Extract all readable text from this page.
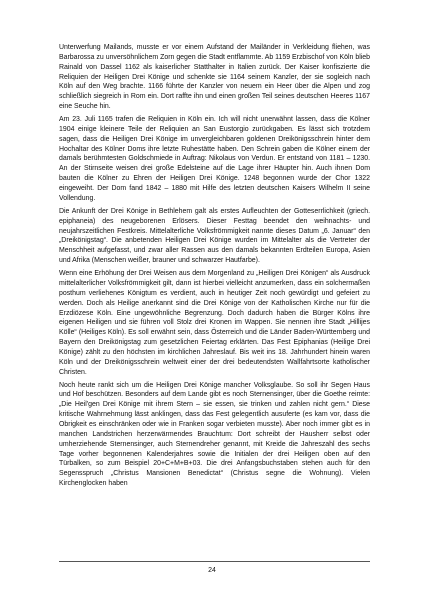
Unterwerfung Mailands, musste er vor einem Aufstand der Mailänder in Verkleidung fliehen, was Barbarossa zu unversöhnlichem Zorn gegen die Stadt entflammte. Ab 1159 Erzbischof von Köln blieb Rainald von Dassel 1162 als kaiserlicher Statthalter in Italien zurück. Der Kaiser konfiszierte die Reliquien der Heiligen Drei Könige und schenkte sie 1164 seinem Kanzler, der sie sogleich nach Köln auf den Weg brachte. 1166 führte der Kanzler von neuem ein Heer über die Alpen und zog schließlich siegreich in Rom ein. Dort raffte ihn und einen großen Teil seines deutschen Heeres 1167 eine Seuche hin.

Am 23. Juli 1165 trafen die Reliquien in Köln ein. Ich will nicht unerwähnt lassen, dass die Kölner 1904 einige kleinere Teile der Reliquien an San Eustorgio zurückgaben. Es lässt sich trotzdem sagen, dass die Heiligen Drei Könige im unvergleichbaren goldenen Dreikönigsschrein hinter dem Hochaltar des Kölner Doms ihre letzte Ruhestätte haben. Den Schrein gaben die Kölner einem der damals berühmtesten Goldschmiede in Auftrag: Nikolaus von Verdun. Er entstand von 1181 – 1230. An der Stirnseite weisen drei große Edelsteine auf die Lage ihrer Häupter hin. Auch ihnen Dom bauten die Kölner zu Ehren der Heiligen Drei Könige. 1248 begonnen wurde der Chor 1322 eingeweiht. Der Dom fand 1842 – 1880 mit Hilfe des letzten deutschen Kaisers Wilhelm II seine Vollendung.

Die Ankunft der Drei Könige in Bethlehem galt als erstes Aufleuchten der Gotteserrlichkeit (griech. epiphaneia) des neugeborenen Erlösers. Dieser Festtag beendet den weihnachts- und neujahrszeitlichen Festkreis. Mittelalterliche Volksfrömmigkeit nannte dieses Datum „6. Januar“ den „Dreikönigstag“. Die anbetenden Heiligen Drei Könige wurden im Mittelalter als die Vertreter der Menschheit aufgefasst, und zwar aller Rassen aus den damals bekannten Erdteilen Europa, Asien und Afrika (Menschen weißer, brauner und schwarzer Hautfarbe).

Wenn eine Erhöhung der Drei Weisen aus dem Morgenland zu „Heiligen Drei Königen“ als Ausdruck mittelalterlicher Volksfrömmigkeit gilt, dann ist hierbei vielleicht anzumerken, dass ein solchermaßen posthum verliehenes Königtum es verdient, auch in heutiger Zeit noch gewürdigt und gefeiert zu werden. Doch als Heilige anerkannt sind die Drei Könige von der Katholischen Kirche nur für die Erzdiözese Köln. Eine ungewöhnliche Begrenzung. Doch dadurch haben die Bürger Kölns ihre eigenen Heiligen und sie führen voll Stolz drei Kronen im Wappen. Sie nennen ihre Stadt „Hillijes Kölle“ (Heiliges Köln). Es soll erwähnt sein, dass Österreich und die Länder Baden-Württemberg und Bayern den Dreikönigstag zum gesetzlichen Feiertag erklärten. Das Fest Epiphanias (Heilige Drei Könige) zählt zu den höchsten im kirchlichen Jahreslauf. Bis weit ins 18. Jahrhundert hinein waren Köln und der Dreikönigsschrein weltweit einer der drei bedeutendsten Wallfahrtsorte katholischer Christen.

Noch heute rankt sich um die Heiligen Drei Könige mancher Volksglaube. So soll ihr Segen Haus und Hof beschützen. Besonders auf dem Lande gibt es noch Sternensinger, über die Goethe reimte: „Die Heil'gen Drei Könige mit ihrem Stern – sie essen, sie trinken und zahlen nicht gern.“ Diese kritische Wahrnehmung lässt anklingen, dass das Fest gelegentlich ausuferte (es kam vor, dass die Obrigkeit es einschränken oder wie in Franken sogar verbieten musste). Aber noch immer gibt es in manchen Landstrichen herzerwärmendes Brauchtum: Dort schreibt der Hausherr selbst oder umherziehende Sternensinger, auch Sternendreher genannt, mit Kreide die Jahreszahl des sechs Tage vorher begonnenen Kalenderjahres sowie die Initialen der drei Heiligen oben auf den Türbalken, so zum Beispiel 20+C+M+B+03. Die drei Anfangsbuchstaben stehen auch für den Segensspruch „Christus Mansionen Benedictat“ (Christus segne die Wohnung). Vielen Kirchenglocken haben

24
